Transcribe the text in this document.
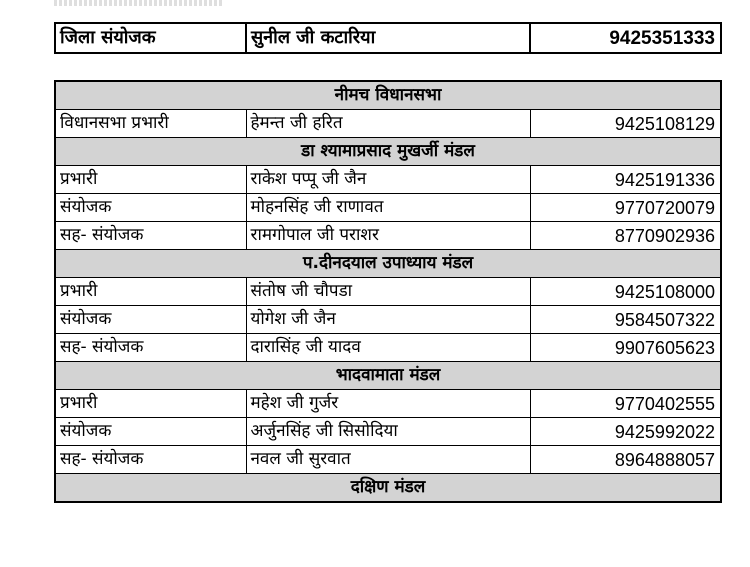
जिला संयोजक	सुनील जी कटारिया	9425351333
नीमच विधानसभा		
विधानसभा प्रभारी	हेमन्त जी हरित	9425108129
डा श्यामाप्रसाद मुखर्जी मंडल		
प्रभारी	राकेश पप्पू जी जैन	9425191336
संयोजक	मोहनसिंह जी राणावत	9770720079
सह- संयोजक	रामगोपाल जी पराशर	8770902936
प.दीनदयाल उपाध्याय मंडल		
प्रभारी	संतोष जी चौपडा	9425108000
संयोजक	योगेश जी जैन	9584507322
सह- संयोजक	दारासिंह जी यादव	9907605623
भादवामाता मंडल		
प्रभारी	महेश जी गुर्जर	9770402555
संयोजक	अर्जुनसिंह जी सिसोदिया	9425992022
सह- संयोजक	नवल जी सुरवात	8964888057
दक्षिण मंडल		
